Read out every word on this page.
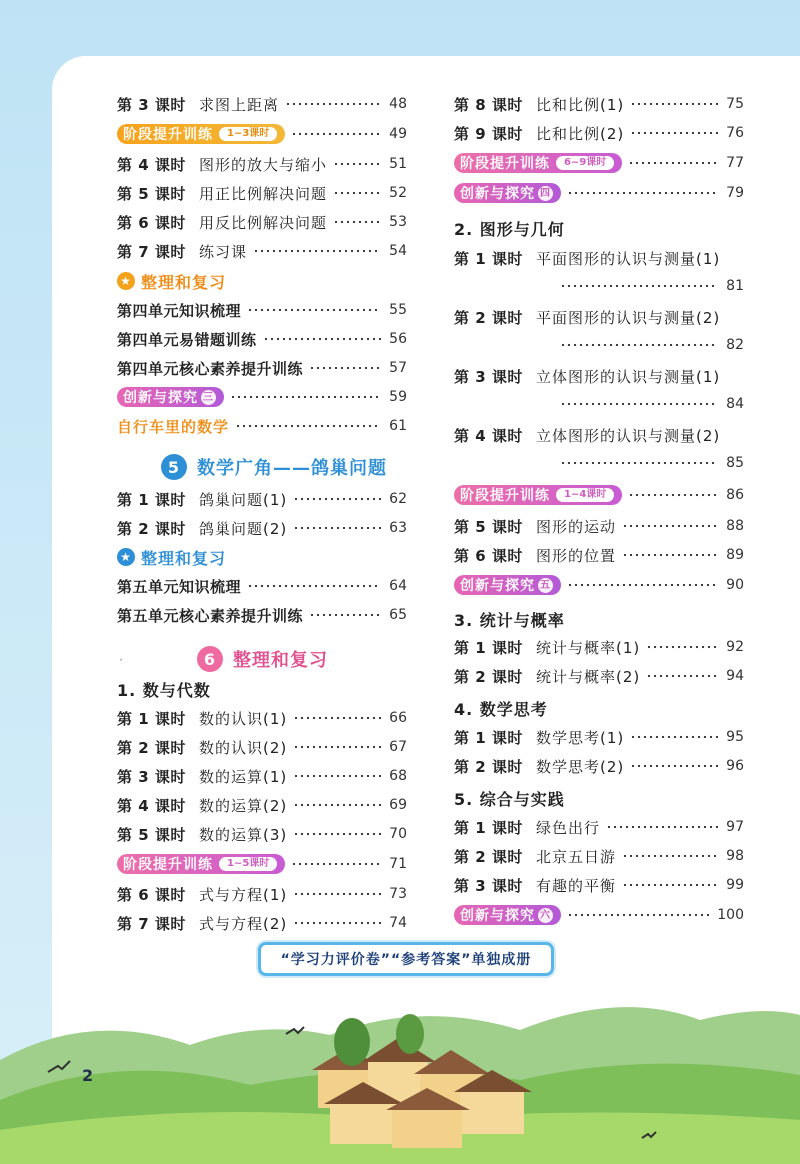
第 3 课时 求图上距离	48
阶段提升训练	1~3课时	49
第 4 课时 图形的放大与缩小	51
第 5 课时 用正比例解决问题	52
第 6 课时 用反比例解决问题	53
第 7 课时 练习课	54
★ 整理和复习
第四单元知识梳理	55
第四单元易错题训练	56
第四单元核心素养提升训练	57
创新与探究 三	59
自行车里的数学	61
5 数学广角——鸽巢问题
第 1 课时 鸽巢问题(1)	62
第 2 课时 鸽巢问题(2)	63
★ 整理和复习
第五单元知识梳理	64
第五单元核心素养提升训练	65
6 整理和复习
1. 数与代数
第 1 课时 数的认识(1)	66
第 2 课时 数的认识(2)	67
第 3 课时 数的运算(1)	68
第 4 课时 数的运算(2)	69
第 5 课时 数的运算(3)	70
阶段提升训练	1~5课时	71
第 6 课时 式与方程(1)	73
第 7 课时 式与方程(2)	74
ˏ
第 8 课时 比和比例(1)	75
第 9 课时 比和比例(2)	76
阶段提升训练	6~9课时	77
创新与探究 四	79
2. 图形与几何
第 1 课时 平面图形的认识与测量(1)
81
第 2 课时 平面图形的认识与测量(2)
82
第 3 课时 立体图形的认识与测量(1)
84
第 4 课时 立体图形的认识与测量(2)
85
阶段提升训练	1~4课时	86
第 5 课时 图形的运动	88
第 6 课时 图形的位置	89
创新与探究 五	90
3. 统计与概率
第 1 课时 统计与概率(1)	92
第 2 课时 统计与概率(2)	94
4. 数学思考
第 1 课时 数学思考(1)	95
第 2 课时 数学思考(2)	96
5. 综合与实践
第 1 课时 绿色出行	97
第 2 课时 北京五日游	98
第 3 课时 有趣的平衡	99
创新与探究 六	100
“学习力评价卷”“参考答案”单独成册
2
